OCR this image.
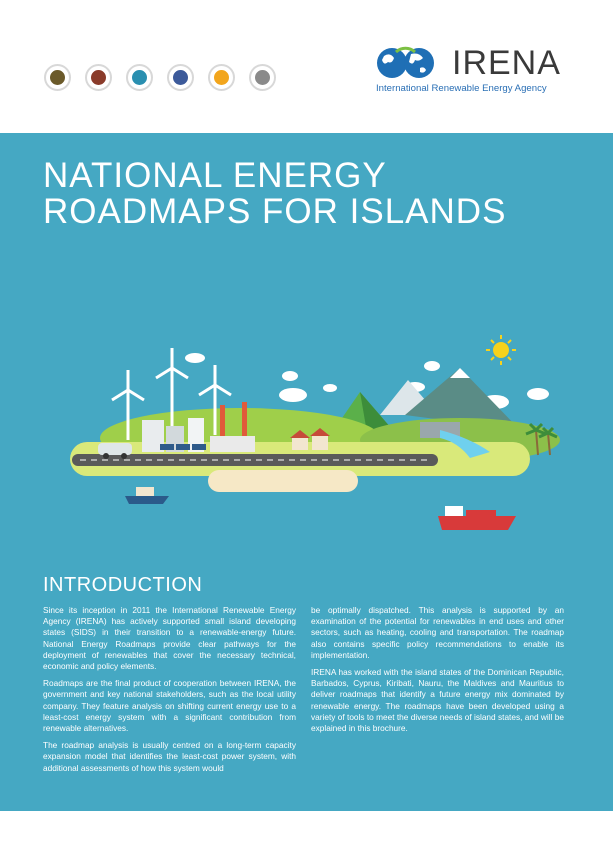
IRENA
International Renewable Energy Agency
NATIONAL ENERGY
ROADMAPS FOR ISLANDS
INTRODUCTION

Since its inception in 2011 the International Renewable Energy Agency (IRENA) has actively supported small island developing states (SIDS) in their transition to a renewable-energy future. National Energy Roadmaps provide clear pathways for the deployment of renewables that cover the necessary technical, economic and policy elements.

Roadmaps are the final product of cooperation between IRENA, the government and key national stakeholders, such as the local utility company. They feature analysis on shifting current energy use to a least-cost energy system with a significant contribution from renewable alternatives.

The roadmap analysis is usually centred on a long-term capacity expansion model that identifies the least-cost power system, with additional assessments of how this system would

be optimally dispatched. This analysis is supported by an examination of the potential for renewables in end uses and other sectors, such as heating, cooling and transportation. The roadmap also contains specific policy recommendations to enable its implementation.

IRENA has worked with the island states of the Dominican Republic, Barbados, Cyprus, Kiribati, Nauru, the Maldives and Mauritius to deliver roadmaps that identify a future energy mix dominated by renewable energy. The roadmaps have been developed using a variety of tools to meet the diverse needs of island states, and will be explained in this brochure.
